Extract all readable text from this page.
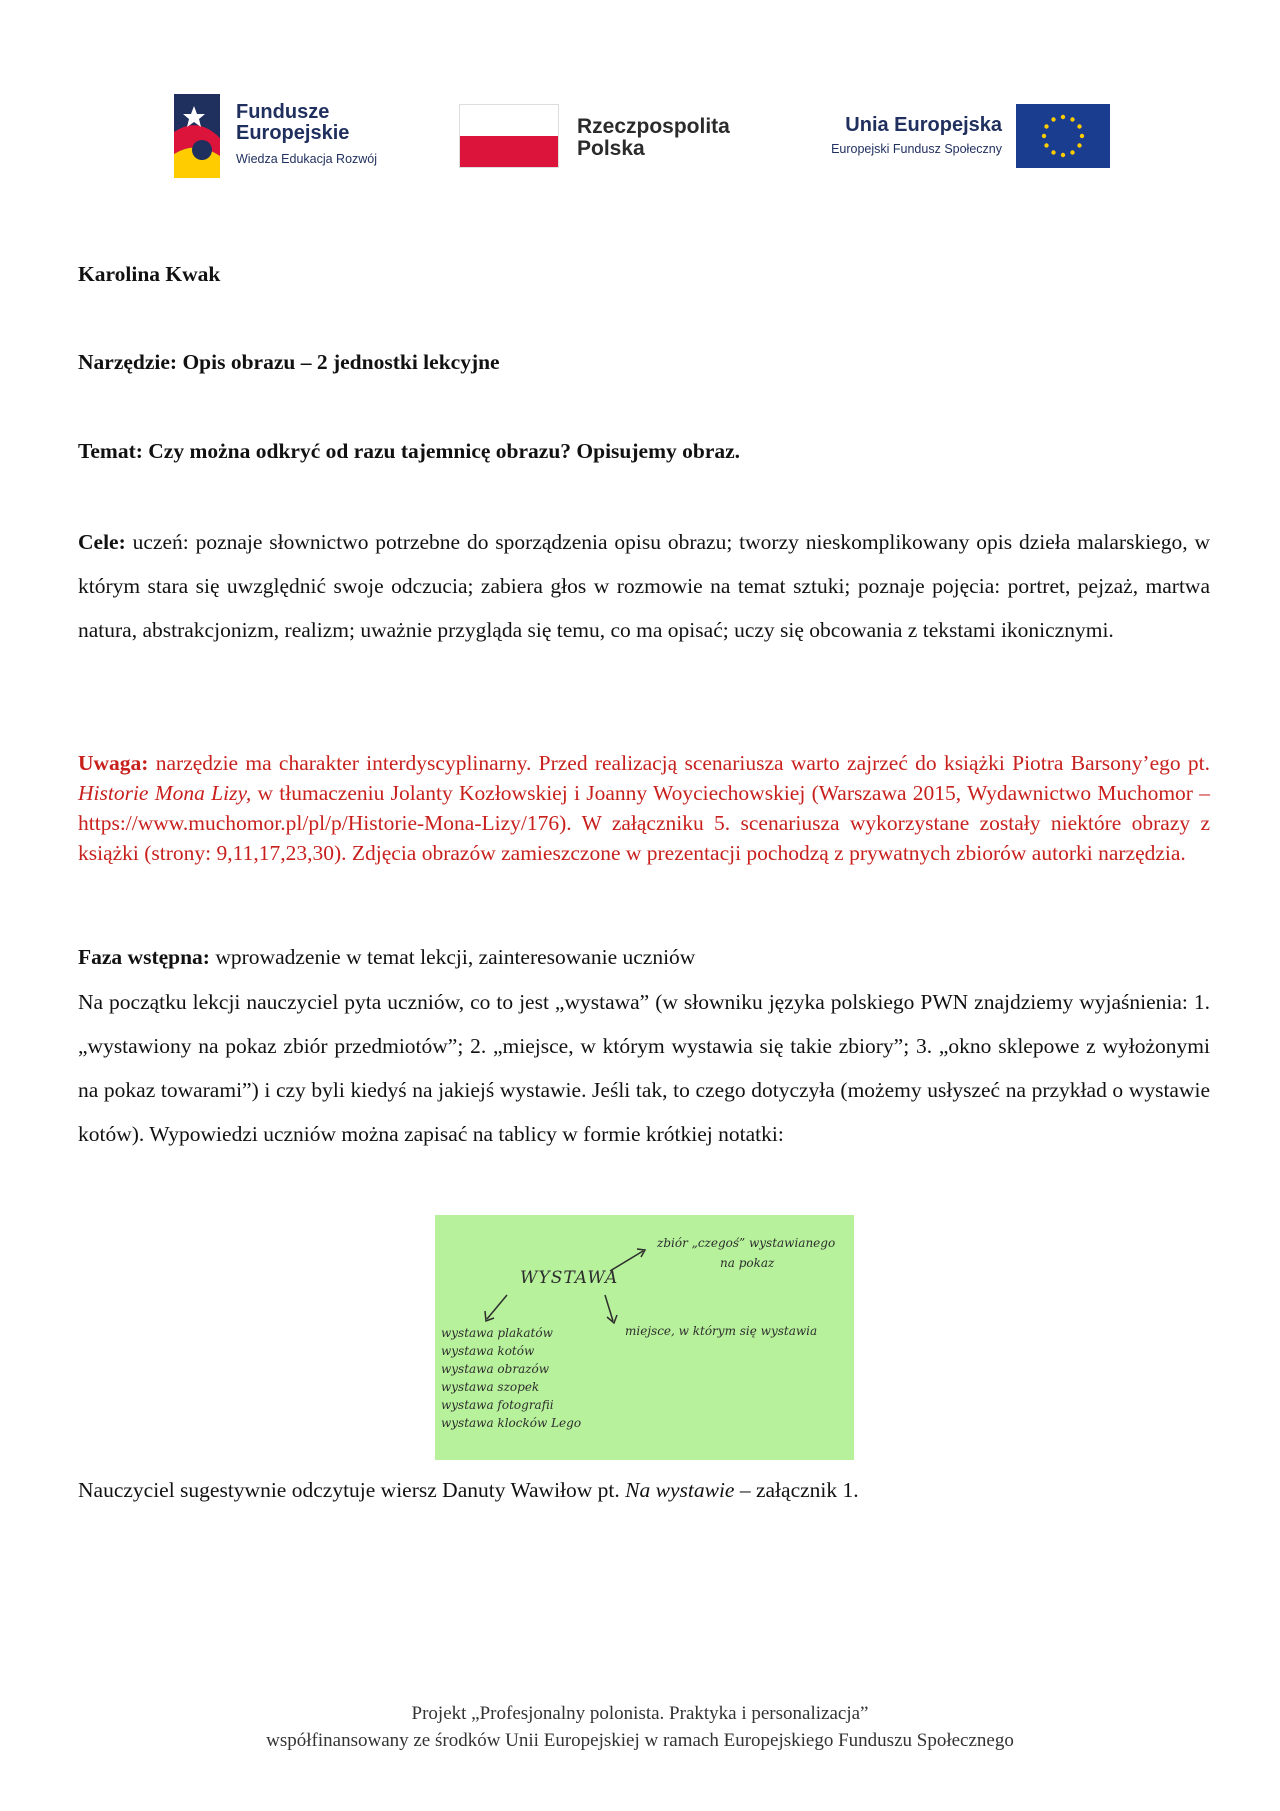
Fundusze
Europejskie
Wiedza Edukacja Rozwój
Rzeczpospolita
Polska
Unia Europejska
Europejski Fundusz Społeczny
Karolina Kwak
Narzędzie: Opis obrazu – 2 jednostki lekcyjne
Temat: Czy można odkryć od razu tajemnicę obrazu? Opisujemy obraz.
Cele: uczeń: poznaje słownictwo potrzebne do sporządzenia opisu obrazu; tworzy nieskomplikowany opis dzieła malarskiego, w którym stara się uwzględnić swoje odczucia; zabiera głos w rozmowie na temat sztuki; poznaje pojęcia: portret, pejzaż, martwa natura, abstrakcjonizm, realizm; uważnie przygląda się temu, co ma opisać; uczy się obcowania z tekstami ikonicznymi.
Uwaga: narzędzie ma charakter interdyscyplinarny. Przed realizacją scenariusza warto zajrzeć do książki Piotra Barsony’ego pt. Historie Mona Lizy, w tłumaczeniu Jolanty Kozłowskiej i Joanny Woyciechowskiej (Warszawa 2015, Wydawnictwo Muchomor – https://www.muchomor.pl/pl/p/Historie-Mona-Lizy/176). W załączniku 5. scenariusza wykorzystane zostały niektóre obrazy z książki (strony: 9,11,17,23,30). Zdjęcia obrazów zamieszczone w prezentacji pochodzą z prywatnych zbiorów autorki narzędzia.
Faza wstępna: wprowadzenie w temat lekcji, zainteresowanie uczniów
Na początku lekcji nauczyciel pyta uczniów, co to jest „wystawa” (w słowniku języka polskiego PWN znajdziemy wyjaśnienia: 1. „wystawiony na pokaz zbiór przedmiotów”; 2. „miejsce, w którym wystawia się takie zbiory”; 3. „okno sklepowe z wyłożonymi na pokaz towarami”) i czy byli kiedyś na jakiejś wystawie. Jeśli tak, to czego dotyczyła (możemy usłyszeć na przykład o wystawie kotów). Wypowiedzi uczniów można zapisać na tablicy w formie krótkiej notatki:
WYSTAWA
zbiór „czegoś” wystawianego
na pokaz
miejsce, w którym się wystawia
wystawa plakatów
wystawa kotów
wystawa obrazów
wystawa szopek
wystawa fotografii
wystawa klocków Lego
Nauczyciel sugestywnie odczytuje wiersz Danuty Wawiłow pt. Na wystawie – załącznik 1.
Projekt „Profesjonalny polonista. Praktyka i personalizacja”
współfinansowany ze środków Unii Europejskiej w ramach Europejskiego Funduszu Społecznego
